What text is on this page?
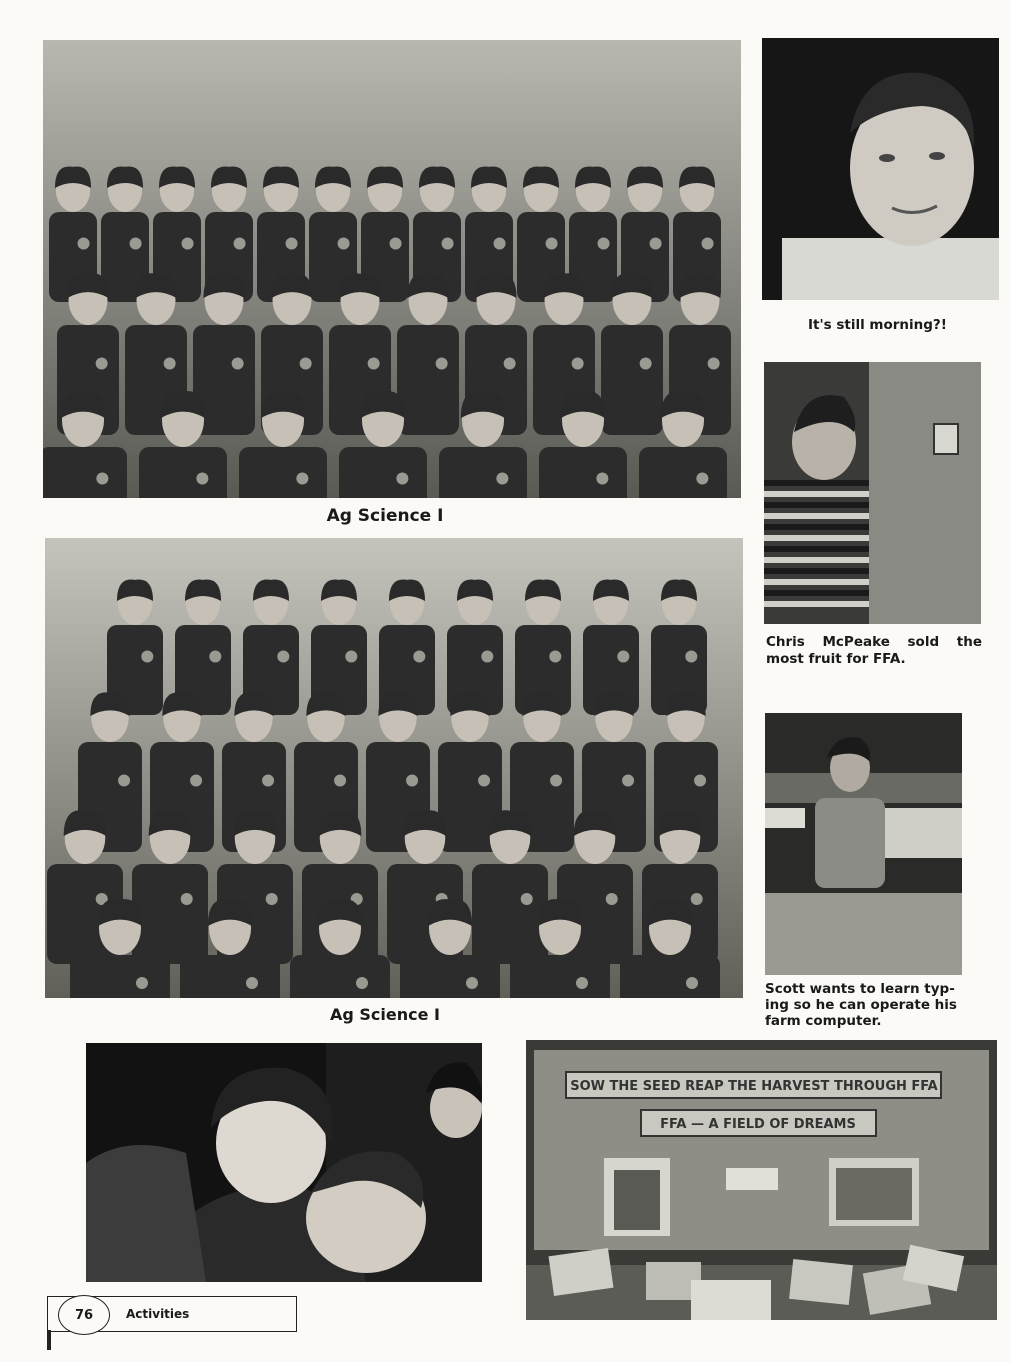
Ag Science I
Ag Science I
It's still morning?!
Chris McPeake sold the
most fruit for FFA.
Scott wants to learn typ- ing so he can operate his farm computer.
SOW THE SEED REAP THE HARVEST THROUGH FFA
FFA — A FIELD OF DREAMS
76	Activities
